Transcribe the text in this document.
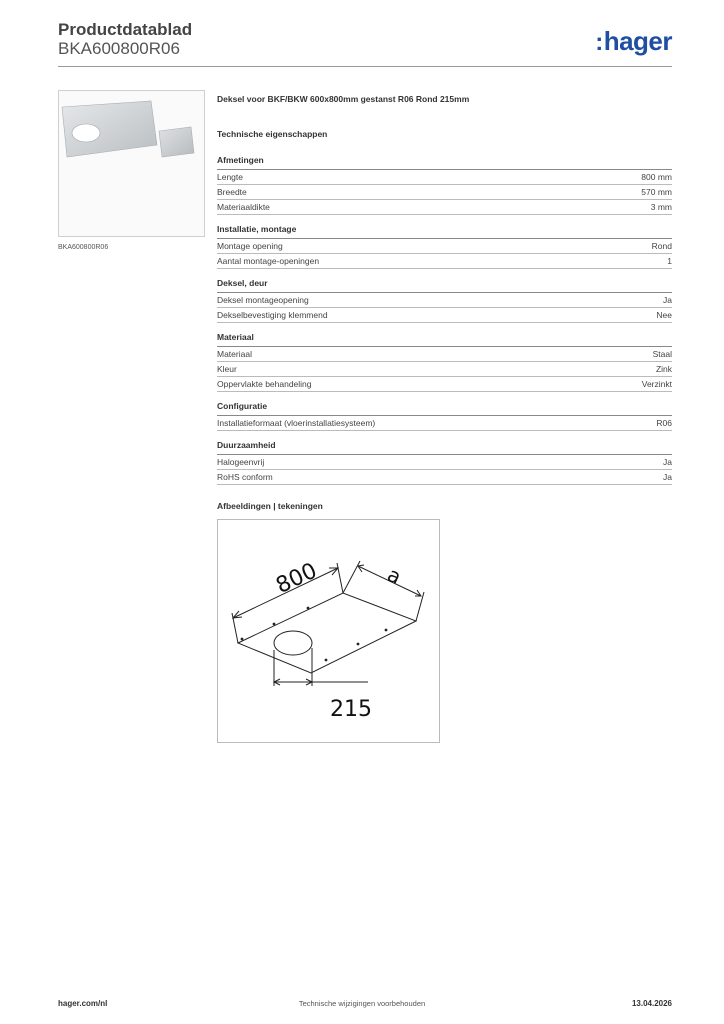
Productdatablad
BKA600800R06	:hager
BKA600800R06
Deksel voor BKF/BKW 600x800mm gestanst R06 Rond 215mm
Technische eigenschappen
Afmetingen
Lengte	800 mm
Breedte	570 mm
Materiaaldikte	3 mm
Installatie, montage
Montage opening	Rond
Aantal montage-openingen	1
Deksel, deur
Deksel montageopening	Ja
Dekselbevestiging klemmend	Nee
Materiaal
Materiaal	Staal
Kleur	Zink
Oppervlakte behandeling	Verzinkt
Configuratie
Installatieformaat (vloerinstallatiesysteem)	R06
Duurzaamheid
Halogeenvrij	Ja
RoHS conform	Ja
Afbeeldingen | tekeningen
800	a
215
hager.com/nl	Technische wijzigingen voorbehouden	13.04.2026
